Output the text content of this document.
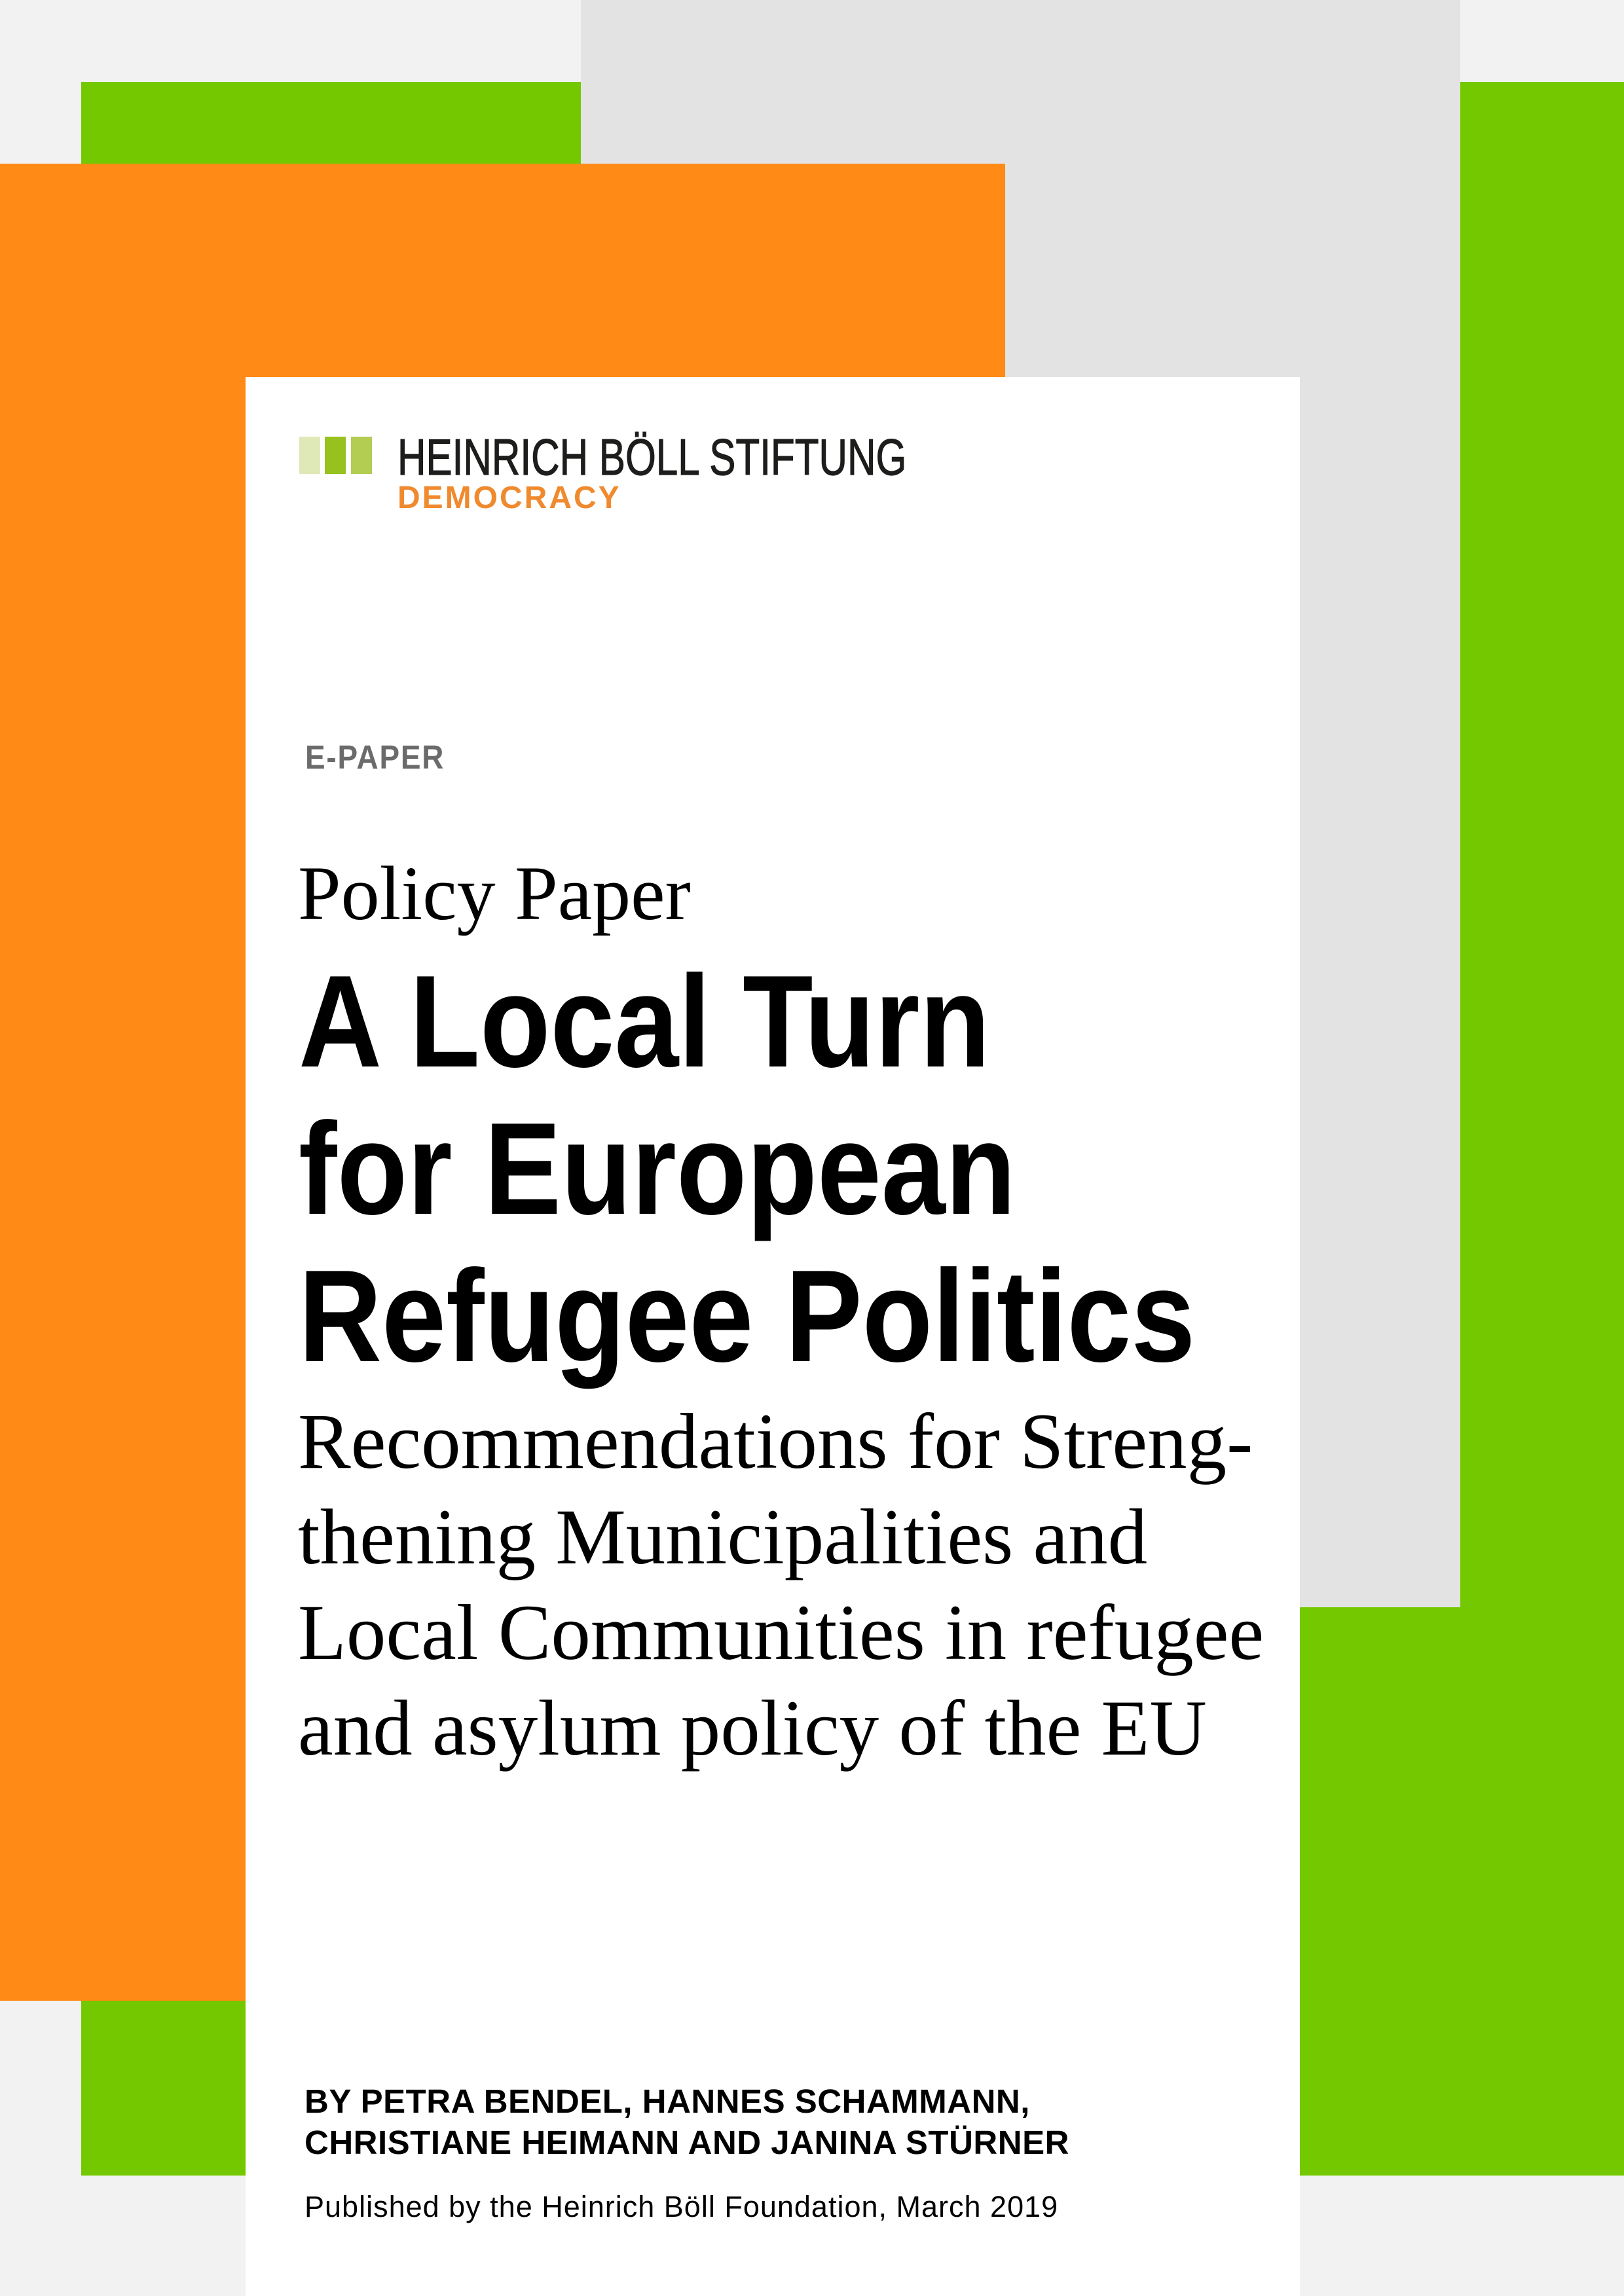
HEINRICH BÖLL STIFTUNG
DEMOCRACY
E-PAPER
Policy Paper
A Local Turn
for European
Refugee Politics
Recommendations for Streng-
thening Municipalities and
Local Communities in refugee
and asylum policy of the EU
BY PETRA BENDEL, HANNES SCHAMMANN,
CHRISTIANE HEIMANN AND JANINA STÜRNER
Published by the Heinrich Böll Foundation, March 2019
